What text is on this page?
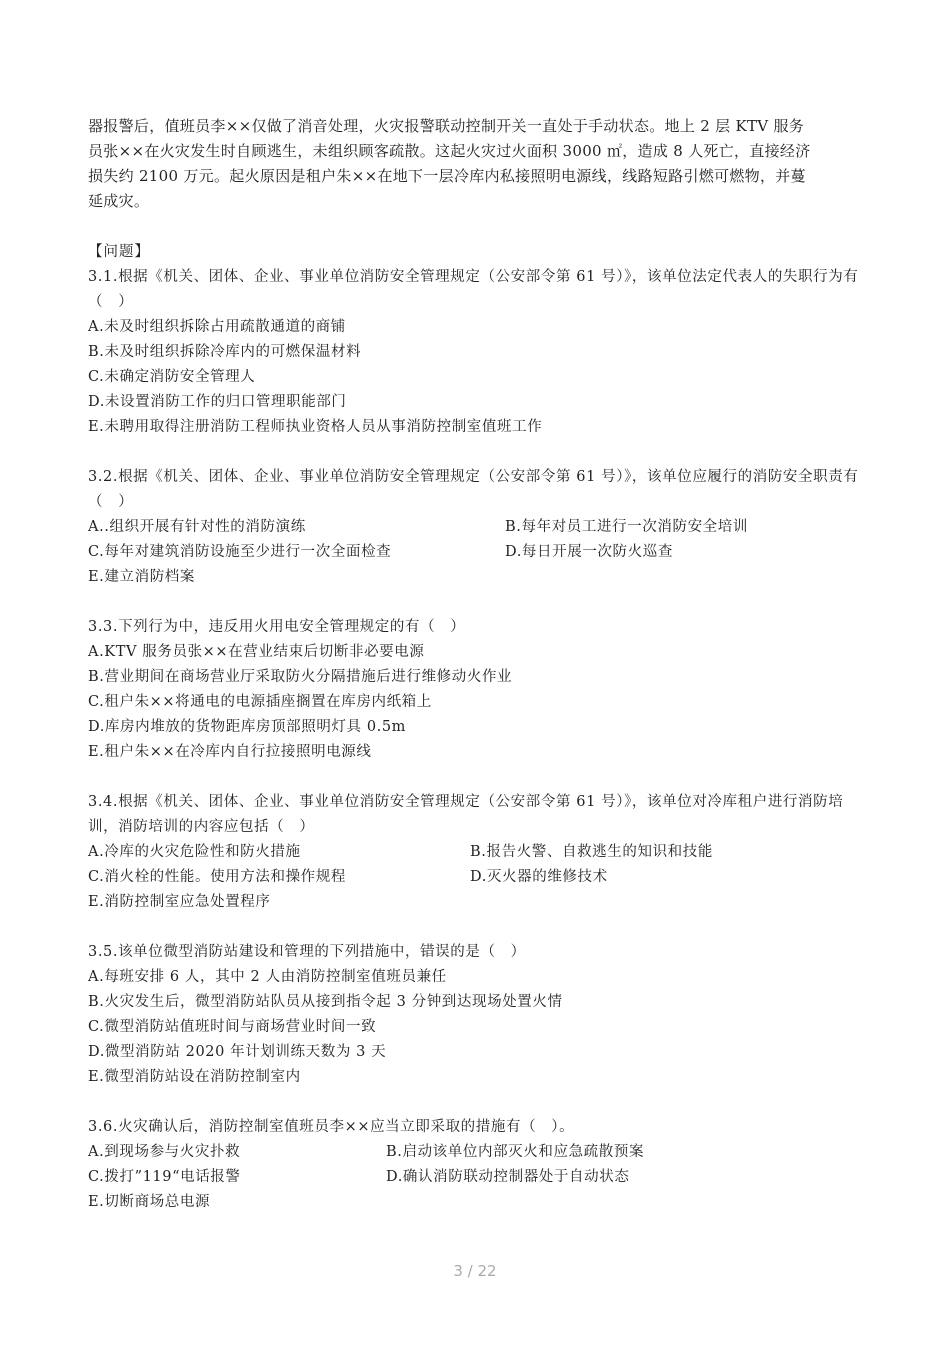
器报警后，值班员李××仅做了消音处理，火灾报警联动控制开关一直处于手动状态。地上 2 层 KTV 服务

员张××在火灾发生时自顾逃生，未组织顾客疏散。这起火灾过火面积 3000 ㎡，造成 8 人死亡，直接经济

损失约 2100 万元。起火原因是租户朱××在地下一层冷库内私接照明电源线，线路短路引燃可燃物，并蔓

延成灾。

【问题】
3.1.根据《机关、团体、企业、事业单位消防安全管理规定（公安部令第 61 号）》，该单位法定代表人的失职行为有（　）
A.未及时组织拆除占用疏散通道的商铺
B.未及时组织拆除冷库内的可燃保温材料
C.未确定消防安全管理人
D.未设置消防工作的归口管理职能部门
E.未聘用取得注册消防工程师执业资格人员从事消防控制室值班工作
3.2.根据《机关、团体、企业、事业单位消防安全管理规定（公安部令第 61 号）》，该单位应履行的消防安全职责有（　）
A..组织开展有针对性的消防演练	B.每年对员工进行一次消防安全培训
C.每年对建筑消防设施至少进行一次全面检查	D.每日开展一次防火巡查
E.建立消防档案
3.3.下列行为中，违反用火用电安全管理规定的有（　）
A.KTV 服务员张××在营业结束后切断非必要电源
B.营业期间在商场营业厅采取防火分隔措施后进行维修动火作业
C.租户朱××将通电的电源插座搁置在库房内纸箱上
D.库房内堆放的货物距库房顶部照明灯具 0.5m
E.租户朱××在冷库内自行拉接照明电源线
3.4.根据《机关、团体、企业、事业单位消防安全管理规定（公安部令第 61 号）》，该单位对冷库租户进行消防培训，消防培训的内容应包括（　）
A.冷库的火灾危险性和防火措施	B.报告火警、自救逃生的知识和技能
C.消火栓的性能。使用方法和操作规程	D.灭火器的维修技术
E.消防控制室应急处置程序
3.5.该单位微型消防站建设和管理的下列措施中，错误的是（　）
A.每班安排 6 人，其中 2 人由消防控制室值班员兼任
B.火灾发生后，微型消防站队员从接到指令起 3 分钟到达现场处置火情
C.微型消防站值班时间与商场营业时间一致
D.微型消防站 2020 年计划训练天数为 3 天
E.微型消防站设在消防控制室内
3.6.火灾确认后，消防控制室值班员李××应当立即采取的措施有（　）。
A.到现场参与火灾扑救	B.启动该单位内部灭火和应急疏散预案
C.拨打”119“电话报警	D.确认消防联动控制器处于自动状态
E.切断商场总电源
3 / 22
